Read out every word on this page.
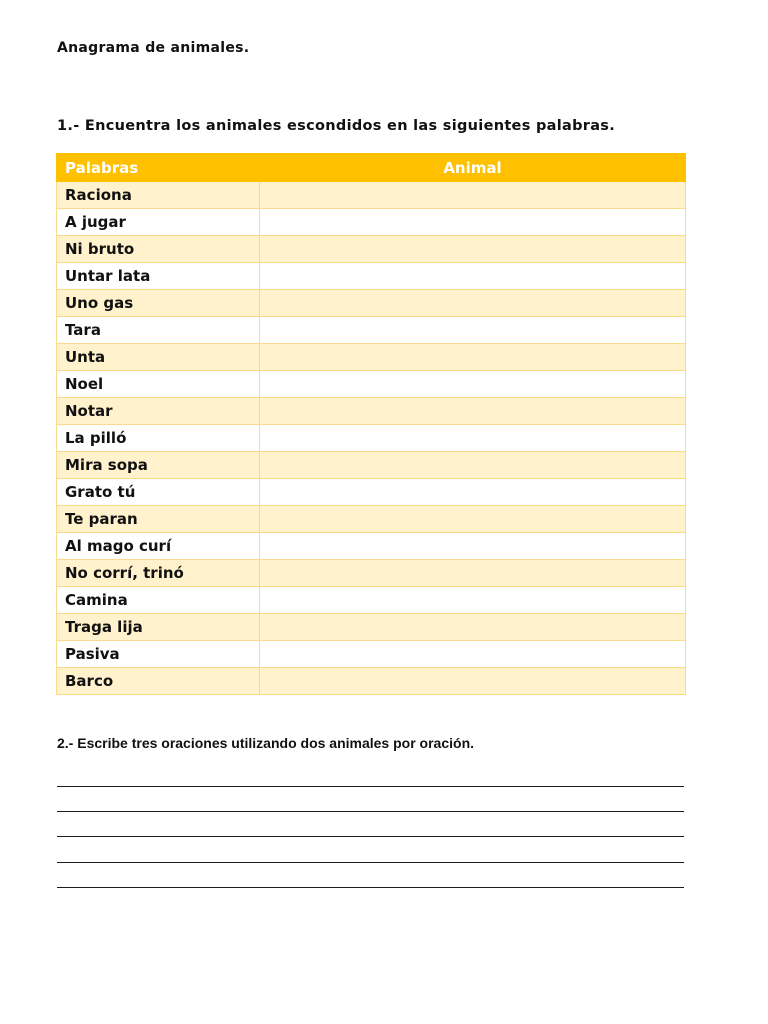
Anagrama de animales.
1.- Encuentra los animales escondidos en las siguientes palabras.
Palabras	Animal
Raciona	
A jugar	
Ni bruto	
Untar lata	
Uno gas	
Tara	
Unta	
Noel	
Notar	
La pilló	
Mira sopa	
Grato tú	
Te paran	
Al mago curí	
No corrí, trinó	
Camina	
Traga lija	
Pasiva	
Barco	
2.- Escribe tres oraciones utilizando dos animales por oración.
